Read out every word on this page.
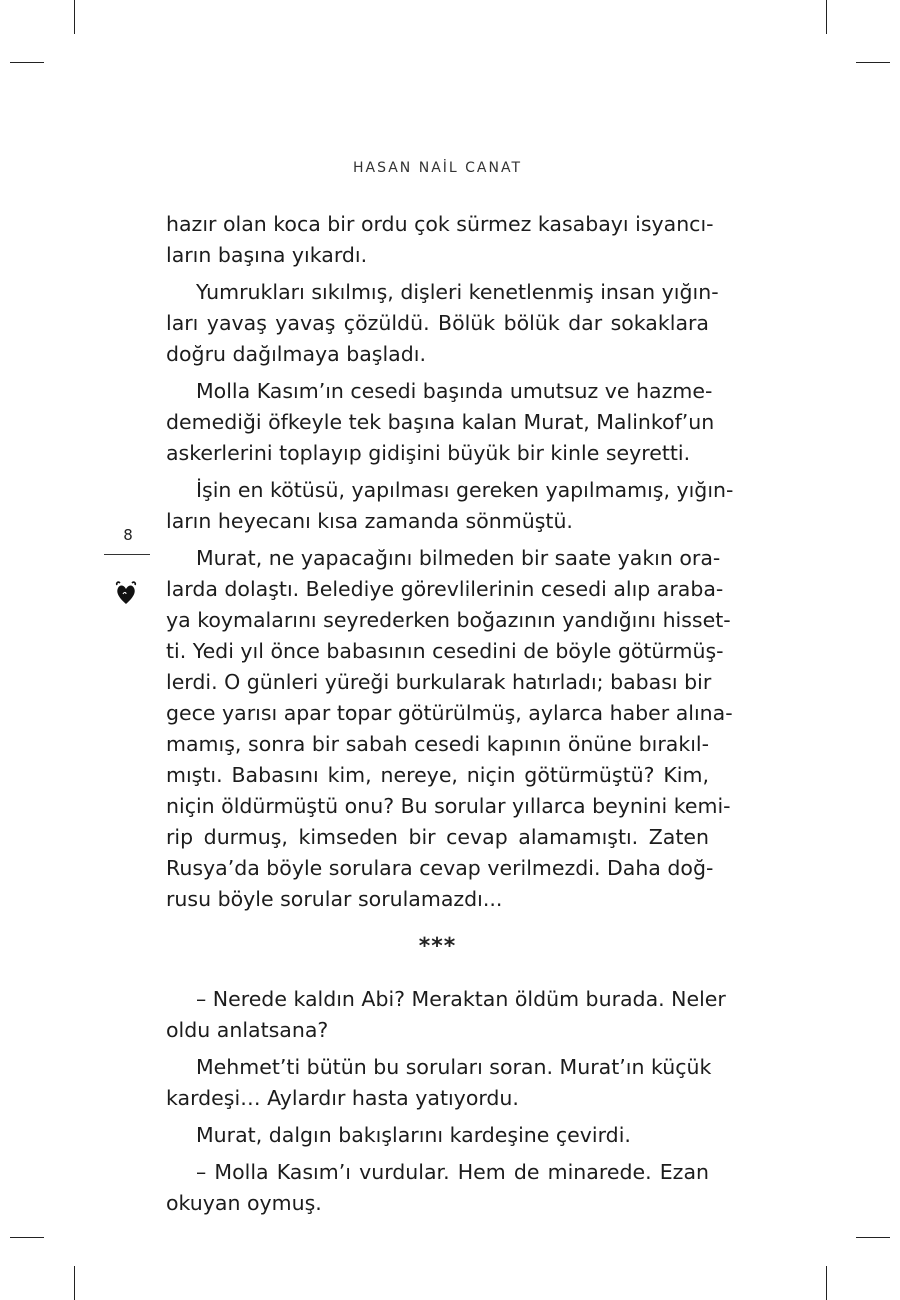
HASAN NAİL CANAT
8
hazır olan koca bir ordu çok sürmez kasabayı isyancı-
ların başına yıkardı.
Yumrukları sıkılmış, dişleri kenetlenmiş insan yığın-
ları yavaş yavaş çözüldü. Bölük bölük dar sokaklara
doğru dağılmaya başladı.
Molla Kasım’ın cesedi başında umutsuz ve hazme-
demediği öfkeyle tek başına kalan Murat, Malinkof’un
askerlerini toplayıp gidişini büyük bir kinle seyretti.
İşin en kötüsü, yapılması gereken yapılmamış, yığın-
ların heyecanı kısa zamanda sönmüştü.
Murat, ne yapacağını bilmeden bir saate yakın ora-
larda dolaştı. Belediye görevlilerinin cesedi alıp araba-
ya koymalarını seyrederken boğazının yandığını hisset-
ti. Yedi yıl önce babasının cesedini de böyle götürmüş-
lerdi. O günleri yüreği burkularak hatırladı; babası bir
gece yarısı apar topar götürülmüş, aylarca haber alına-
mamış, sonra bir sabah cesedi kapının önüne bırakıl-
mıştı. Babasını kim, nereye, niçin götürmüştü? Kim,
niçin öldürmüştü onu? Bu sorular yıllarca beynini kemi-
rip durmuş, kimseden bir cevap alamamıştı. Zaten
Rusya’da böyle sorulara cevap verilmezdi. Daha doğ-
rusu böyle sorular sorulamazdı...
***
– Nerede kaldın Abi? Meraktan öldüm burada. Neler
oldu anlatsana?
Mehmet’ti bütün bu soruları soran. Murat’ın küçük
kardeşi… Aylardır hasta yatıyordu.
Murat, dalgın bakışlarını kardeşine çevirdi.
– Molla Kasım’ı vurdular. Hem de minarede. Ezan
okuyan oymuş.
